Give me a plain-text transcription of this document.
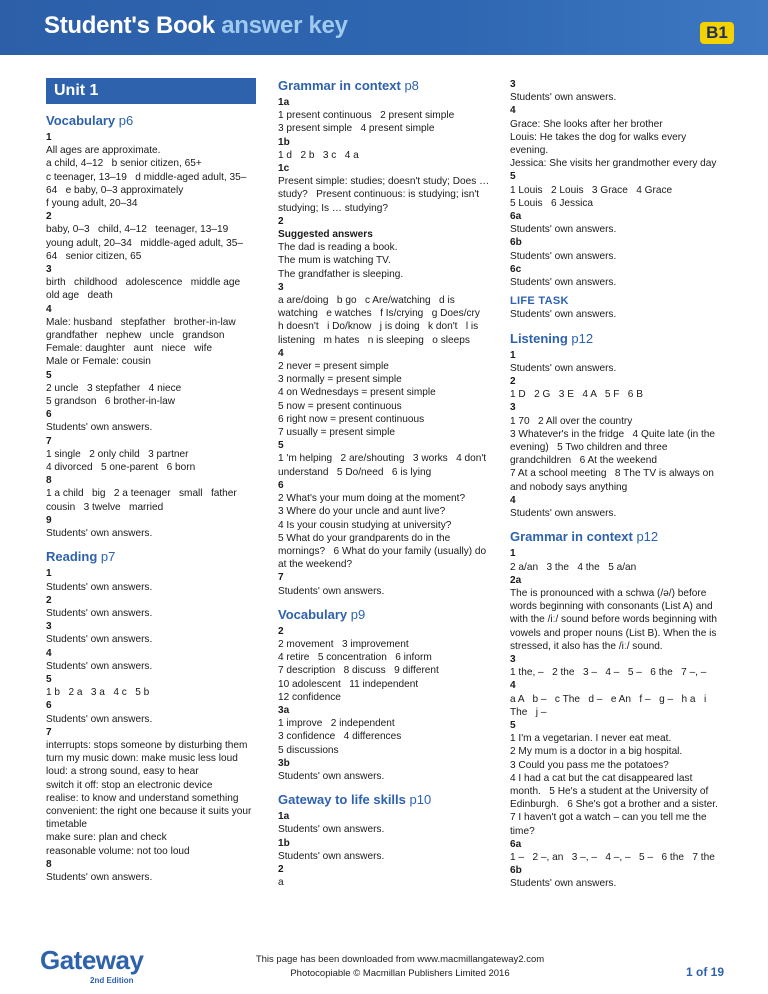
Student's Book answer key	B1
Unit 1
Vocabulary p6
1
All ages are approximate.
a child, 4–12   b senior citizen, 65+
c teenager, 13–19   d middle-aged adult, 35–64   e baby, 0–3 approximately
f young adult, 20–34
2
baby, 0–3   child, 4–12   teenager, 13–19   young adult, 20–34   middle-aged adult, 35– 64   senior citizen, 65
3
birth   childhood   adolescence   middle age   old age   death
4
Male: husband   stepfather   brother-in-law   grandfather   nephew   uncle   grandson
Female: daughter   aunt   niece   wife
Male or Female: cousin
5
2 uncle   3 stepfather   4 niece
5 grandson   6 brother-in-law
6
Students' own answers.
7
1 single   2 only child   3 partner
4 divorced   5 one-parent   6 born
8
1 a child   big   2 a teenager   small   father   cousin   3 twelve   married
9
Students' own answers.
Reading p7
1
Students' own answers.
2
Students' own answers.
3
Students' own answers.
4
Students' own answers.
5
1 b   2 a   3 a   4 c   5 b
6
Students' own answers.
7
interrupts: stops someone by disturbing them
turn my music down: make music less loud
loud: a strong sound, easy to hear
switch it off: stop an electronic device
realise: to know and understand something
convenient: the right one because it suits your timetable
make sure: plan and check
reasonable volume: not too loud
8
Students' own answers.
Grammar in context p8
1a
1 present continuous   2 present simple
3 present simple   4 present simple
1b
1 d   2 b   3 c   4 a
1c
Present simple: studies; doesn't study; Does … study?   Present continuous: is studying; isn't studying; Is … studying?
2
Suggested answers
The dad is reading a book.
The mum is watching TV.
The grandfather is sleeping.
3
a are/doing   b go   c Are/watching   d is watching   e watches   f Is/crying   g Does/cry   h doesn't   i Do/know   j is doing   k don't   l is listening   m hates   n is sleeping   o sleeps
4
2 never = present simple
3 normally = present simple
4 on Wednesdays = present simple
5 now = present continuous
6 right now = present continuous
7 usually = present simple
5
1 'm helping   2 are/shouting   3 works   4 don't understand   5 Do/need   6 is lying
6
2 What's your mum doing at the moment?
3 Where do your uncle and aunt live?
4 Is your cousin studying at university?
5 What do your grandparents do in the mornings?   6 What do your family (usually) do at the weekend?
7
Students' own answers.
Vocabulary p9
2
2 movement   3 improvement
4 retire   5 concentration   6 inform
7 description   8 discuss   9 different
10 adolescent   11 independent
12 confidence
3a
1 improve   2 independent
3 confidence   4 differences
5 discussions
3b
Students' own answers.
Gateway to life skills p10
1a
Students' own answers.
1b
Students' own answers.
2
a
3
Students' own answers.
4
Grace: She looks after her brother
Louis: He takes the dog for walks every evening.
Jessica: She visits her grandmother every day
5
1 Louis   2 Louis   3 Grace   4 Grace
5 Louis   6 Jessica
6a
Students' own answers.
6b
Students' own answers.
6c
Students' own answers.
LIFE TASK
Students' own answers.
Listening p12
1
Students' own answers.
2
1 D   2 G   3 E   4 A   5 F   6 B
3
1 70   2 All over the country
3 Whatever's in the fridge   4 Quite late (in the evening)   5 Two children and three grandchildren   6 At the weekend
7 At a school meeting   8 The TV is always on and nobody says anything
4
Students' own answers.
Grammar in context p12
1
2 a/an   3 the   4 the   5 a/an
2a
The is pronounced with a schwa (/ə/) before words beginning with consonants (List A) and with the /iː/ sound before words beginning with vowels and proper nouns (List B). When the is stressed, it also has the /iː/ sound.
3
1 the, –   2 the   3 –   4 –   5 –   6 the   7 –, –
4
a A   b –   c The   d –   e An   f –   g –   h a   i The   j –
5
1 I'm a vegetarian. I never eat meat.
2 My mum is a doctor in a big hospital.
3 Could you pass me the potatoes?
4 I had a cat but the cat disappeared last month.   5 He's a student at the University of Edinburgh.   6 She's got a brother and a sister.   7 I haven't got a watch – can you tell me the time?
6a
1 –   2 –, an   3 –, –   4 –, –   5 –   6 the   7 the
6b
Students' own answers.
Gateway
2nd Edition
This page has been downloaded from www.macmillangateway2.com
Photocopiable © Macmillan Publishers Limited 2016	1 of 19
